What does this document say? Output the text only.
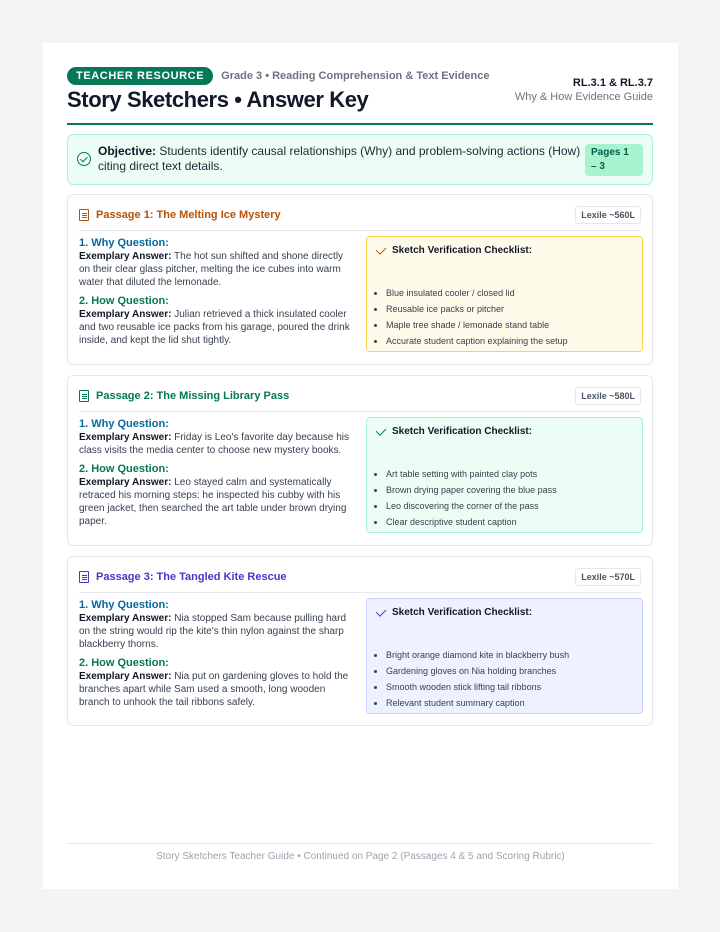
TEACHER RESOURCE	Grade 3 • Reading Comprehension & Text Evidence
Story Sketchers • Answer Key
RL.3.1 & RL.3.7
Why & How Evidence Guide
Objective: Students identify causal relationships (Why) and problem-solving actions (How) citing direct text details.
Pages 1 – 3
Passage 1: The Melting Ice Mystery	Lexile ~560L
1. Why Question:
Exemplary Answer: The hot sun shifted and shone directly on their clear glass pitcher, melting the ice cubes into warm water that diluted the lemonade.
2. How Question:
Exemplary Answer: Julian retrieved a thick insulated cooler and two reusable ice packs from his garage, poured the drink inside, and kept the lid shut tightly.
Sketch Verification Checklist:
• Blue insulated cooler / closed lid
• Reusable ice packs or pitcher
• Maple tree shade / lemonade stand table
• Accurate student caption explaining the setup
Passage 2: The Missing Library Pass	Lexile ~580L
1. Why Question:
Exemplary Answer: Friday is Leo's favorite day because his class visits the media center to choose new mystery books.
2. How Question:
Exemplary Answer: Leo stayed calm and systematically retraced his morning steps: he inspected his cubby with his green jacket, then searched the art table under brown drying paper.
Sketch Verification Checklist:
• Art table setting with painted clay pots
• Brown drying paper covering the blue pass
• Leo discovering the corner of the pass
• Clear descriptive student caption
Passage 3: The Tangled Kite Rescue	Lexile ~570L
1. Why Question:
Exemplary Answer: Nia stopped Sam because pulling hard on the string would rip the kite's thin nylon against the sharp blackberry thorns.
2. How Question:
Exemplary Answer: Nia put on gardening gloves to hold the branches apart while Sam used a smooth, long wooden branch to unhook the tail ribbons safely.
Sketch Verification Checklist:
• Bright orange diamond kite in blackberry bush
• Gardening gloves on Nia holding branches
• Smooth wooden stick lifting tail ribbons
• Relevant student summary caption
Story Sketchers Teacher Guide • Continued on Page 2 (Passages 4 & 5 and Scoring Rubric)
